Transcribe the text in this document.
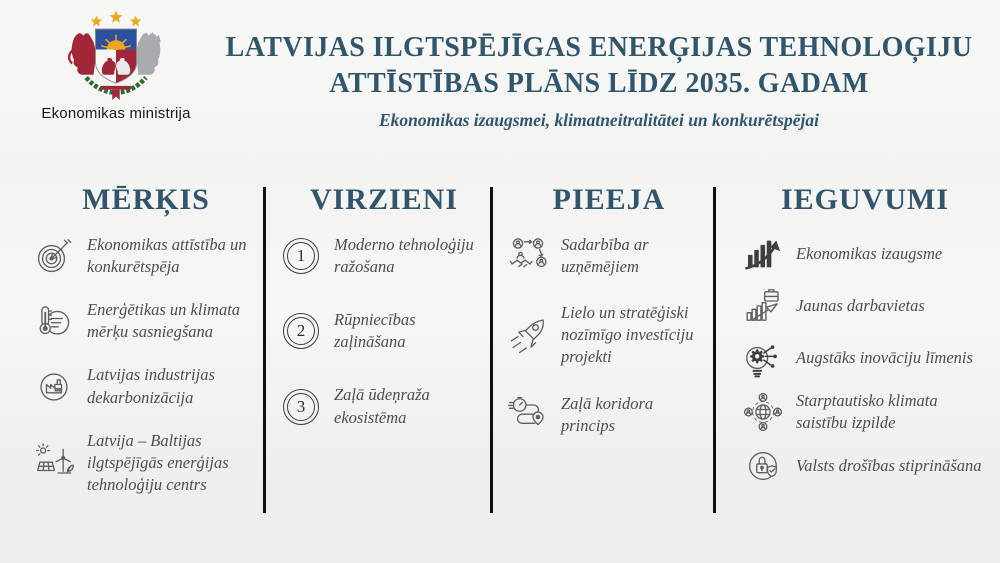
Ekonomikas ministrija
LATVIJAS ILGTSPĒJĪGAS ENERĢIJAS TEHNOLOĢIJU
ATTĪSTĪBAS PLĀNS LĪDZ 2035. GADAM
Ekonomikas izaugsmei, klimatneitralitātei un konkurētspējai
MĒRĶIS
Ekonomikas attīstība un konkurētspēja
Enerģētikas un klimata mērķu sasniegšana
Latvijas industrijas dekarbonizācija
Latvija – Baltijas ilgtspējīgās enerģijas tehnoloģiju centrs
VIRZIENI
1
Moderno tehnoloģiju ražošana
2
Rūpniecības zaļināšana
3
Zaļā ūdeņraža ekosistēma
PIEEJA
Sadarbība ar uzņēmējiem
Lielo un stratēģiski nozīmīgo investīciju projekti
Zaļā koridora princips
IEGUVUMI
Ekonomikas izaugsme
Jaunas darbavietas
Augstāks inovāciju līmenis
Starptautisko klimata saistību izpilde
Valsts drošības stiprināšana
